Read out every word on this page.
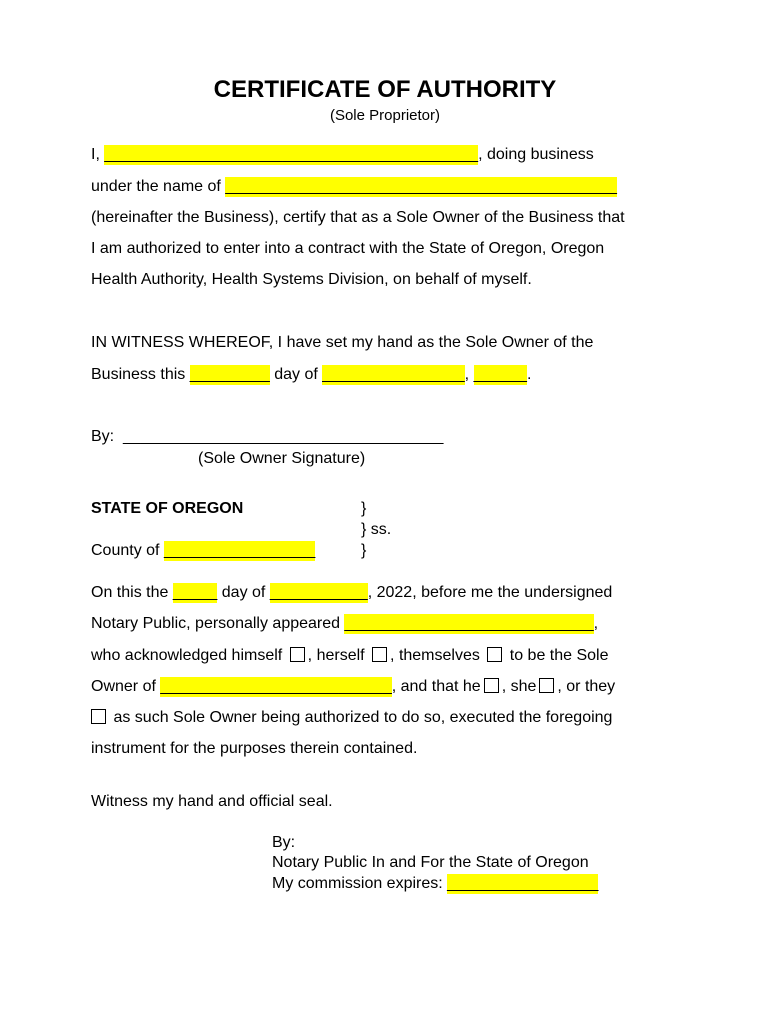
CERTIFICATE OF AUTHORITY
(Sole Proprietor)
I, __________________________________________, doing business
under the name of ____________________________________________
(hereinafter the Business), certify that as a Sole Owner of the Business that
I am authorized to enter into a contract with the State of Oregon, Oregon
Health Authority, Health Systems Division, on behalf of myself.
IN WITNESS WHEREOF, I have set my hand as the Sole Owner of the
Business this _________ day of ________________, ______.
By: ____________________________________
(Sole Owner Signature)
STATE OF OREGON	}
} ss.
}
County of _________________
On this the _____ day of ___________, 2022, before me the undersigned
Notary Public, personally appeared ____________________________,
who acknowledged himself , herself , themselves  to be the Sole
Owner of __________________________, and that he , she , or they
as such Sole Owner being authorized to do so, executed the foregoing
instrument for the purposes therein contained.
Witness my hand and official seal.
By:
Notary Public In and For the State of Oregon
My commission expires: _________________
